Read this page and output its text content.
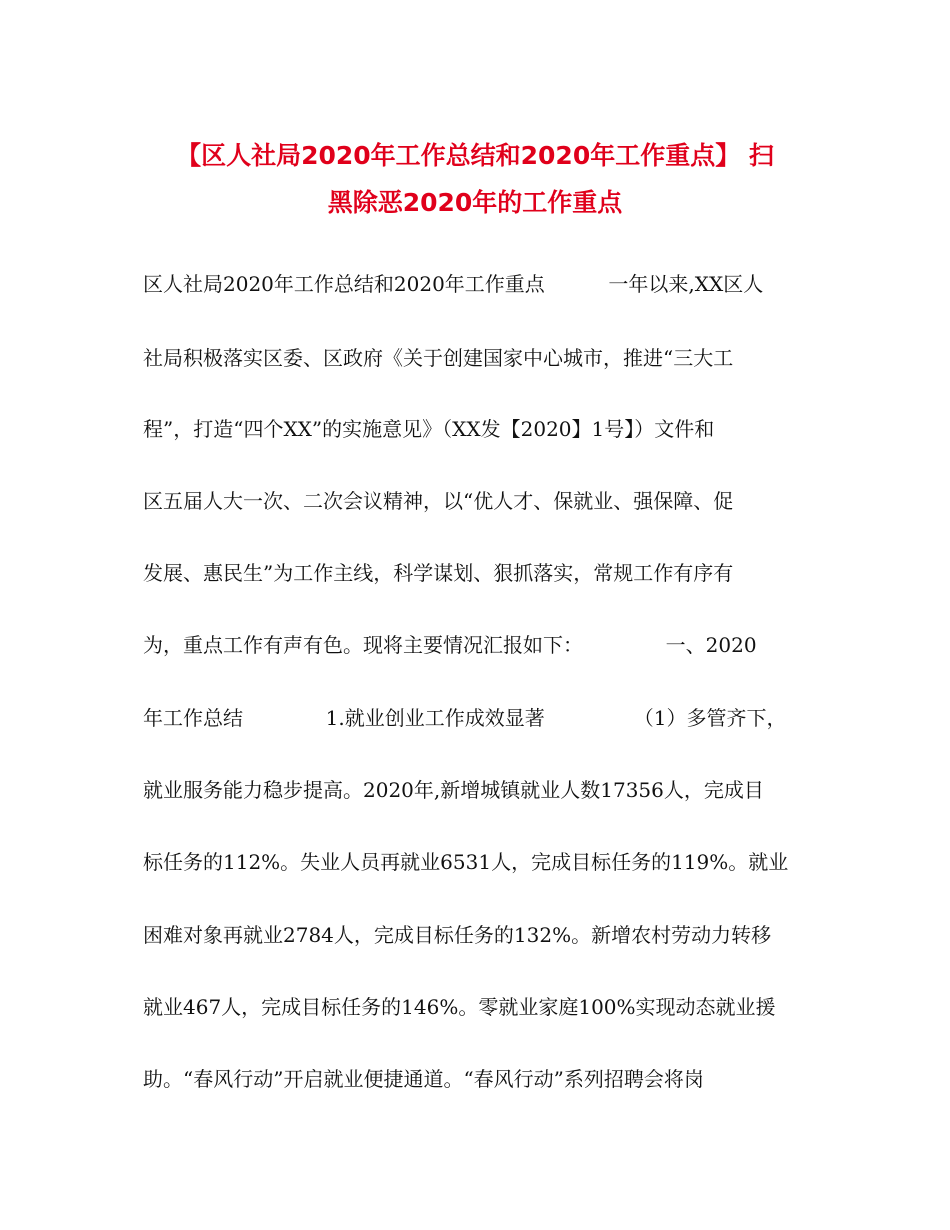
【区人社局2020年工作总结和2020年工作重点】 扫
黑除恶2020年的工作重点
区人社局2020年工作总结和2020年工作重点          一年以来,XX区人
社局积极落实区委、区政府《关于创建国家中心城市，推进“三大工
程”，打造“四个XX”的实施意见》（XX发【2020】1号】）文件和
区五届人大一次、二次会议精神，以“优人才、保就业、强保障、促
发展、惠民生”为工作主线，科学谋划、狠抓落实，常规工作有序有
为，重点工作有声有色。现将主要情况汇报如下：             一、2020
年工作总结             1.就业创业工作成效显著              （1）多管齐下，
就业服务能力稳步提高。2020年,新增城镇就业人数17356人，完成目
标任务的112%。失业人员再就业6531人，完成目标任务的119%。就业
困难对象再就业2784人，完成目标任务的132%。新增农村劳动力转移
就业467人，完成目标任务的146%。零就业家庭100%实现动态就业援
助。“春风行动”开启就业便捷通道。“春风行动”系列招聘会将岗
